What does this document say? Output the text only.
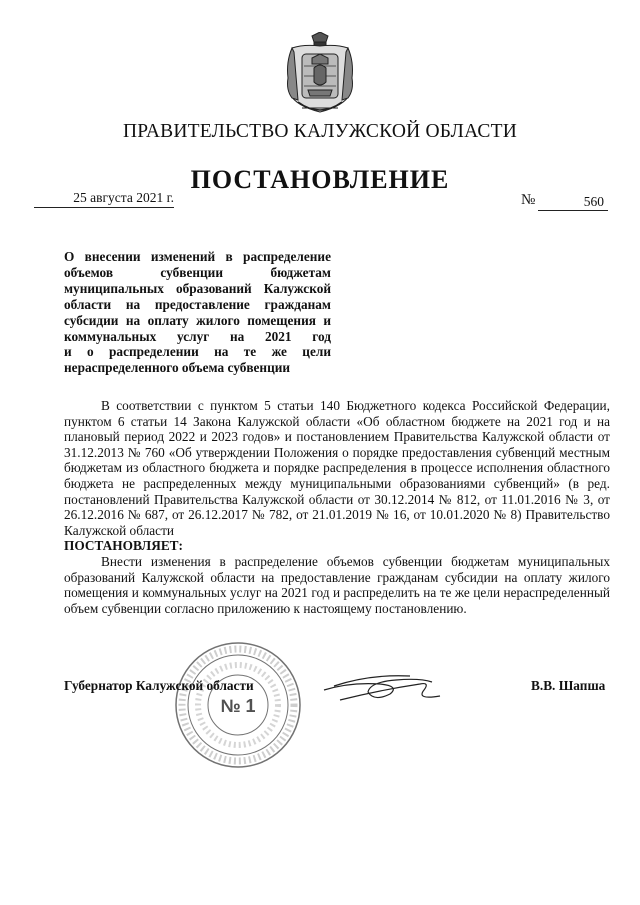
ПРАВИТЕЛЬСТВО КАЛУЖСКОЙ ОБЛАСТИ
ПОСТАНОВЛЕНИЕ
25 августа 2021 г.	№	560
О внесении изменений в распределение
объемов субвенции бюджетам
муниципальных образований Калужской
области на предоставление гражданам
субсидии на оплату жилого помещения и
коммунальных услуг на 2021 год
и о распределении на те же цели
нераспределенного объема субвенции

В соответствии с пунктом 5 статьи 140 Бюджетного кодекса Российской Федерации, пунктом 6 статьи 14 Закона Калужской области «Об областном бюджете на 2021 год и на плановый период 2022 и 2023 годов» и постановлением Правительства Калужской области от 31.12.2013 № 760 «Об утверждении Положения о порядке предоставления субвенций местным бюджетам из областного бюджета и порядке распределения в процессе исполнения областного бюджета не распределенных между муниципальными образованиями субвенций» (в ред. постановлений Правительства Калужской области от 30.12.2014 № 812, от 11.01.2016 № 3, от 26.12.2016 № 687, от 26.12.2017 № 782, от 21.01.2019 № 16, от 10.01.2020 № 8) Правительство Калужской области

ПОСТАНОВЛЯЕТ:

Внести изменения в распределение объемов субвенции бюджетам муниципальных образований Калужской области на предоставление гражданам субсидии на оплату жилого помещения и коммунальных услуг на 2021 год и распределить на те же цели нераспределенный объем субвенции согласно приложению к настоящему постановлению.

№ 1
Губернатор Калужской области	В.В. Шапша
